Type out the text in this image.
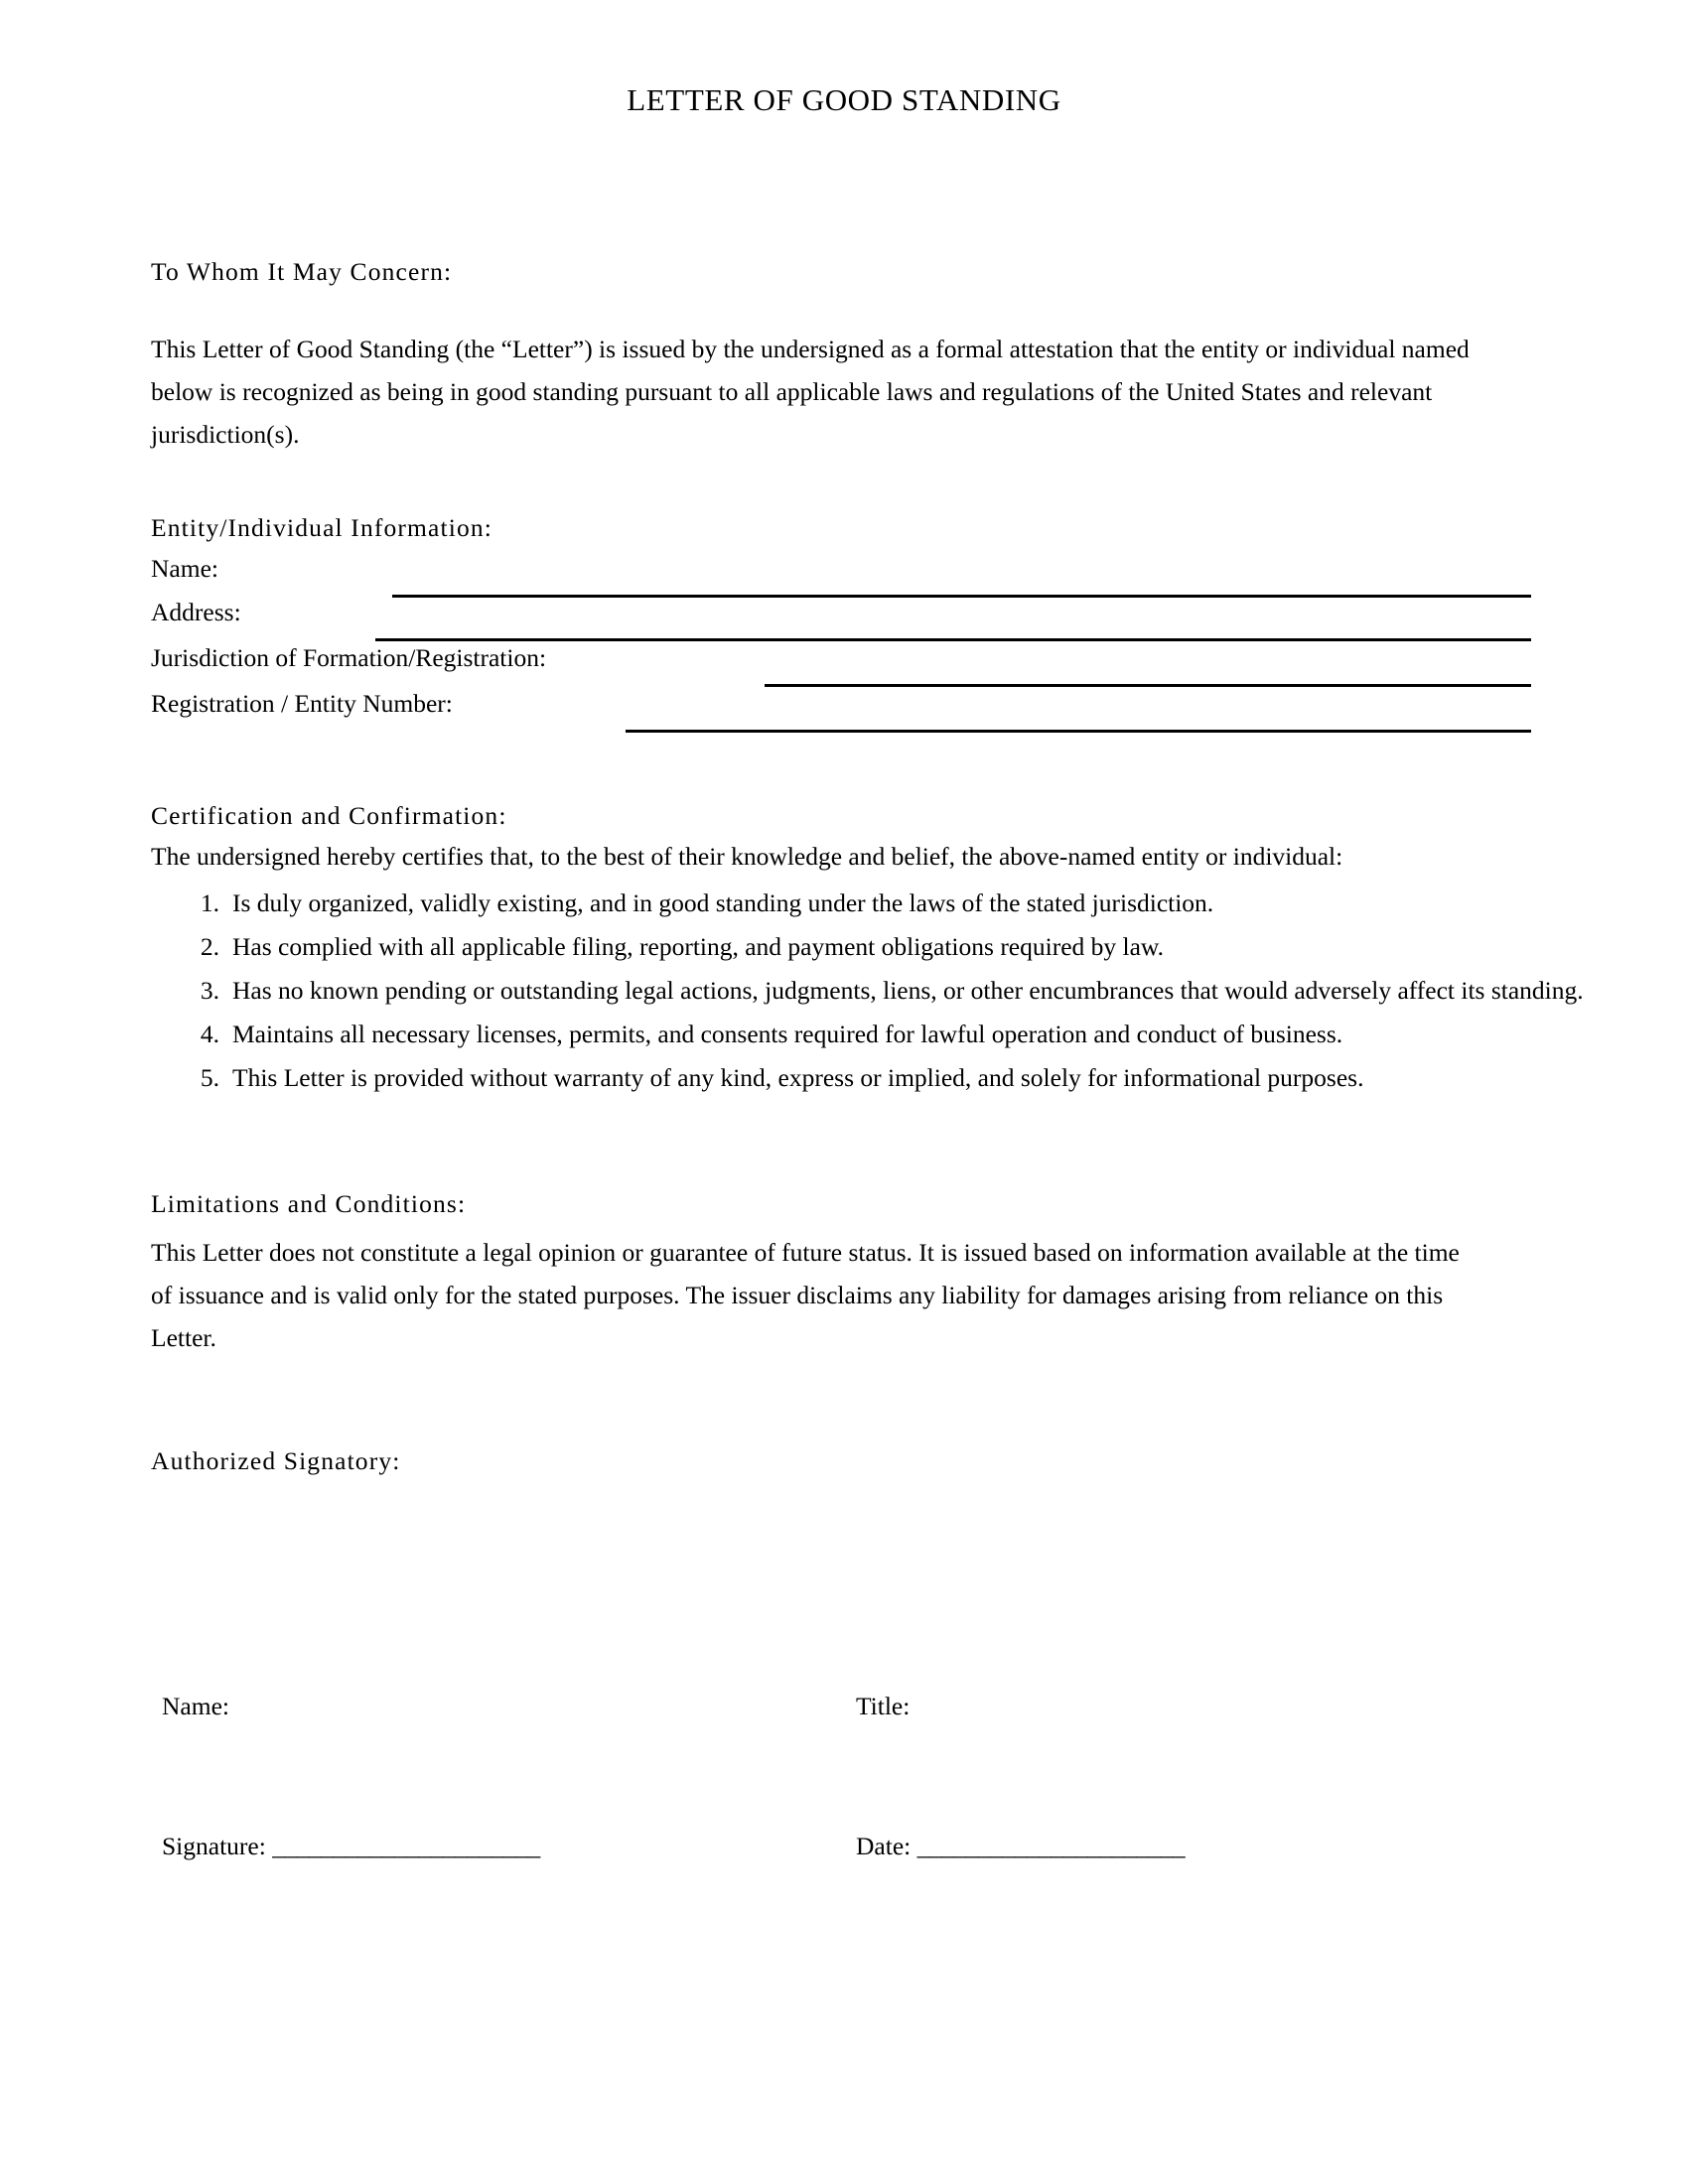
LETTER OF GOOD STANDING
To Whom It May Concern:
This Letter of Good Standing (the “Letter”) is issued by the undersigned as a formal attestation that the entity or individual named below is recognized as being in good standing pursuant to all applicable laws and regulations of the United States and relevant jurisdiction(s).
Entity/Individual Information:
Name:
Address:
Jurisdiction of Formation/Registration:
Registration / Entity Number:
Certification and Confirmation:
The undersigned hereby certifies that, to the best of their knowledge and belief, the above-named entity or individual:
1. Is duly organized, validly existing, and in good standing under the laws of the stated jurisdiction.
2. Has complied with all applicable filing, reporting, and payment obligations required by law.
3. Has no known pending or outstanding legal actions, judgments, liens, or other encumbrances that would adversely affect its standing.
4. Maintains all necessary licenses, permits, and consents required for lawful operation and conduct of business.
5. This Letter is provided without warranty of any kind, express or implied, and solely for informational purposes.
Limitations and Conditions:
This Letter does not constitute a legal opinion or guarantee of future status. It is issued based on information available at the time of issuance and is valid only for the stated purposes. The issuer disclaims any liability for damages arising from reliance on this Letter.
Authorized Signatory:
Name:	Title:
Signature: ______________________	Date: ______________________
